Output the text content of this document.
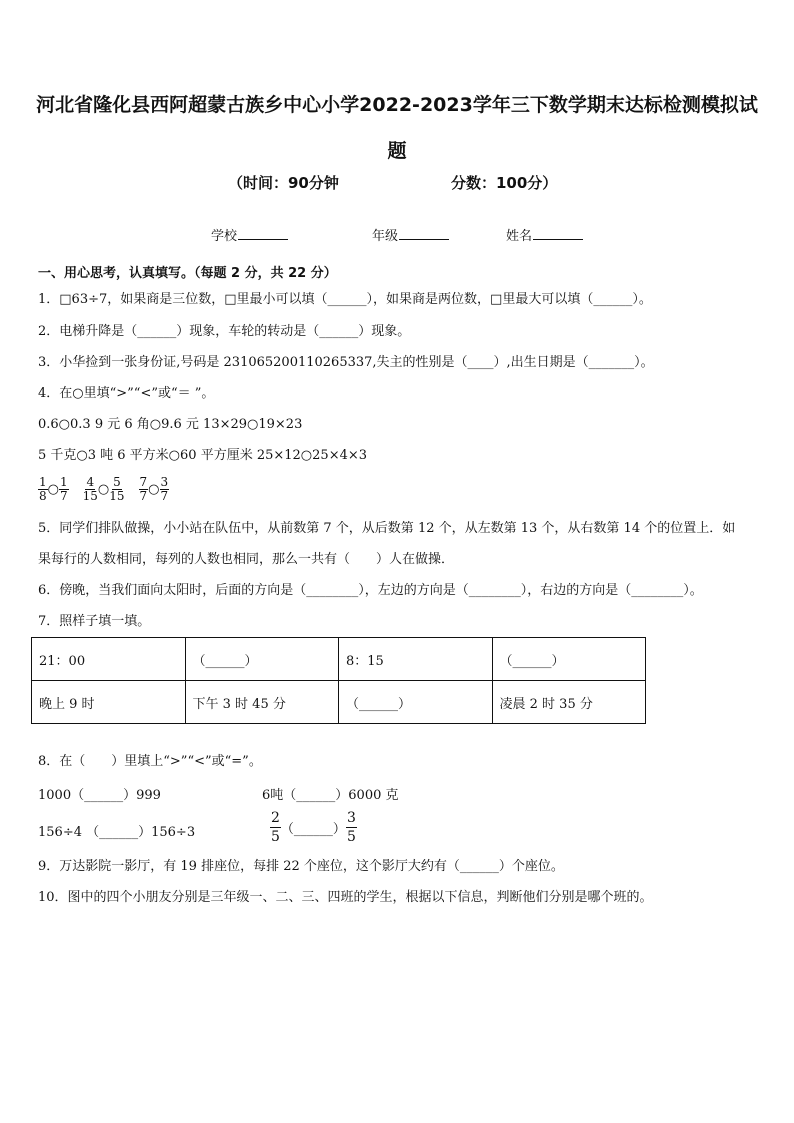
河北省隆化县西阿超蒙古族乡中心小学2022-2023学年三下数学期末达标检测模拟试题
（时间：90分钟	分数：100分）
学校	年级	姓名
一、用心思考，认真填写。（每题 2 分，共 22 分）
1．□63÷7，如果商是三位数，□里最小可以填（______），如果商是两位数，□里最大可以填（______）。
2．电梯升降是（______）现象，车轮的转动是（______）现象。
3．小华捡到一张身份证,号码是 231065200110265337,失主的性别是（____）,出生日期是（_______）。
4．在○里填“>”“<”或“＝ ”。
0.6○0.3 9 元 6 角○9.6 元 13×29○19×23
5 千克○3 吨 6 平方米○60 平方厘米 25×12○25×4×3
$\frac{1}{8}$ ○ $\frac{1}{7} \frac{4}{15}$ ○ $\frac{5}{15} \frac{7}{7}$ ○ $\frac{3}{7}$
5．同学们排队做操，小小站在队伍中，从前数第 7 个，从后数第 12 个，从左数第 13 个，从右数第 14 个的位置上．如
果每行的人数相同，每列的人数也相同，那么一共有（　　）人在做操．
6．傍晚，当我们面向太阳时，后面的方向是（________），左边的方向是（________），右边的方向是（________）。
7．照样子填一填。
21：00	（______）	8：15	（______）
晚上 9 时	下午 3 时 45 分	（______）	凌晨 2 时 35 分
8．在（　　）里填上“>”“<”或“=”。
1000（______）999	6吨（______）6000 克
156÷4 （______）156÷3	$\frac{2}{5}$ （______） $\frac{3}{5}$
9．万达影院一影厅，有 19 排座位，每排 22 个座位，这个影厅大约有（______）个座位。
10．图中的四个小朋友分别是三年级一、二、三、四班的学生，根据以下信息，判断他们分别是哪个班的。
